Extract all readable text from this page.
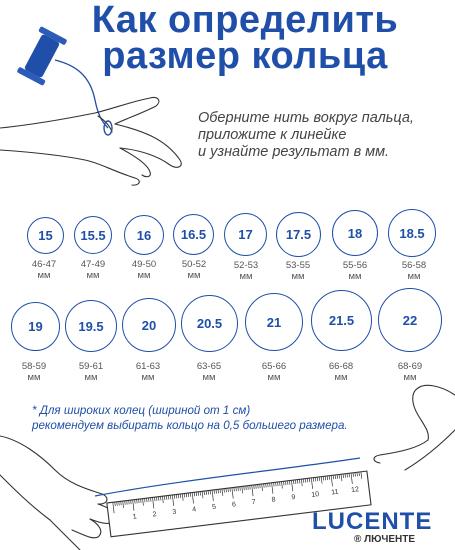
Как определить
размер кольца
1 2 3 4 5 6 7 8 9 10 11 12
Оберните нить вокруг пальца,
приложите к линейке
и узнайте результат в мм.
15
46-47
мм
15.5
47-49
мм
16
49-50
мм
16.5
50-52
мм
17
52-53
мм
17.5
53-55
мм
18
55-56
мм
18.5
56-58
мм
19
58-59
мм
19.5
59-61
мм
20
61-63
мм
20.5
63-65
мм
21
65-66
мм
21.5
66-68
мм
22
68-69
мм
* Для широких колец (шириной от 1 см)
рекомендуем выбирать кольцо на 0,5 большего размера.
LUCENTE
® ЛЮЧЕНТЕ
